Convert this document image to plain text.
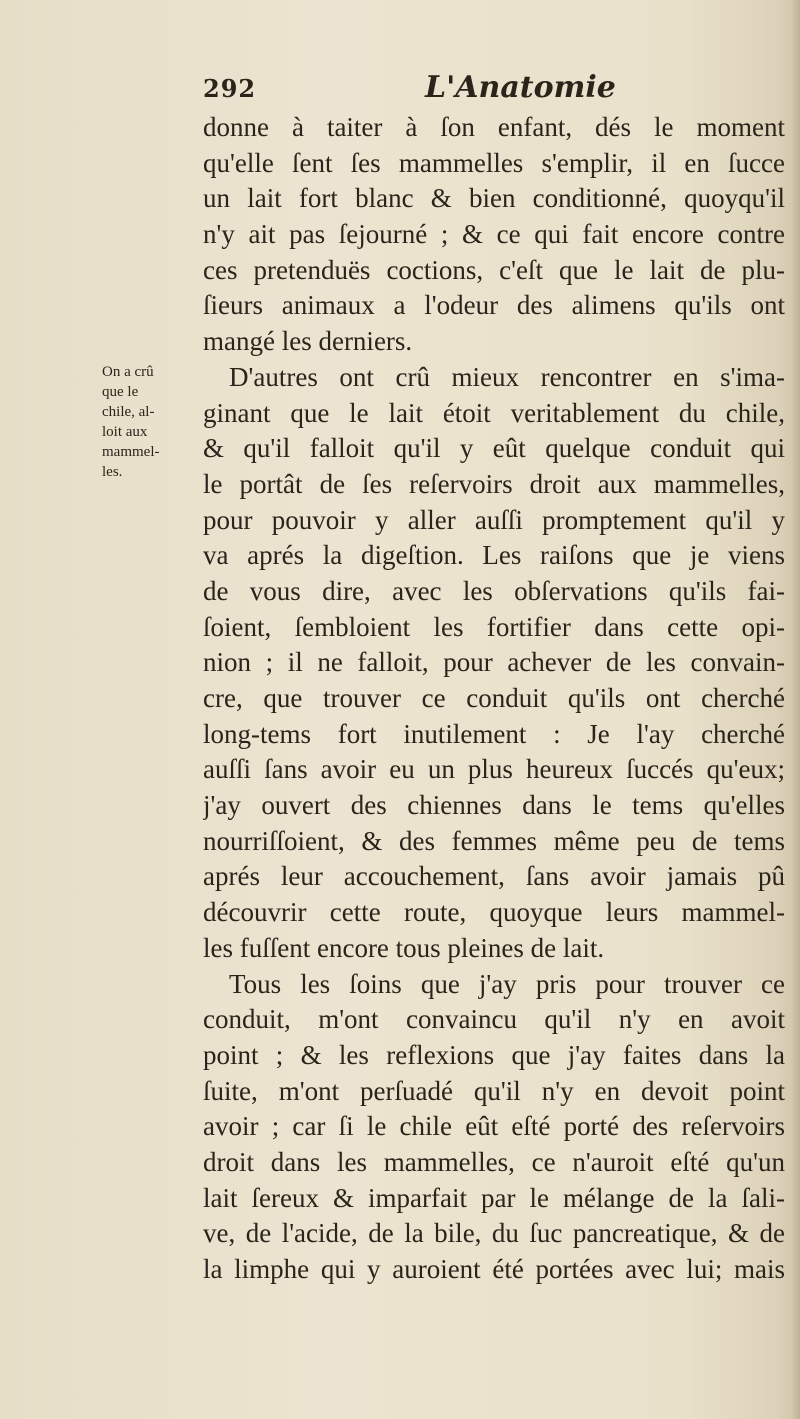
292	L'Anatomie
On a crû
que le
chile, al-
loit aux
mammel-
les.
donne à taiter à ſon enfant, dés le moment
qu'elle ſent ſes mammelles s'emplir, il en ſucce
un lait fort blanc & bien conditionné, quoyqu'il
n'y ait pas ſejourné ; & ce qui fait encore contre
ces pretenduës coctions, c'eſt que le lait de plu-
ſieurs animaux a l'odeur des alimens qu'ils ont
mangé les derniers.
D'autres ont crû mieux rencontrer en s'ima-
ginant que le lait étoit veritablement du chile,
& qu'il falloit qu'il y eût quelque conduit qui
le portât de ſes reſervoirs droit aux mammelles,
pour pouvoir y aller auſſi promptement qu'il y
va aprés la digeſtion. Les raiſons que je viens
de vous dire, avec les obſervations qu'ils fai-
ſoient, ſembloient les fortifier dans cette opi-
nion ; il ne falloit, pour achever de les convain-
cre, que trouver ce conduit qu'ils ont cherché
long-tems fort inutilement : Je l'ay cherché
auſſi ſans avoir eu un plus heureux ſuccés qu'eux;
j'ay ouvert des chiennes dans le tems qu'elles
nourriſſoient, & des femmes même peu de tems
aprés leur accouchement, ſans avoir jamais pû
découvrir cette route, quoyque leurs mammel-
les fuſſent encore tous pleines de lait.
Tous les ſoins que j'ay pris pour trouver ce
conduit, m'ont convaincu qu'il n'y en avoit
point ; & les reflexions que j'ay faites dans la
ſuite, m'ont perſuadé qu'il n'y en devoit point
avoir ; car ſi le chile eût eſté porté des reſervoirs
droit dans les mammelles, ce n'auroit eſté qu'un
lait ſereux & imparfait par le mélange de la ſali-
ve, de l'acide, de la bile, du ſuc pancreatique, & de
la limphe qui y auroient été portées avec lui; mais
